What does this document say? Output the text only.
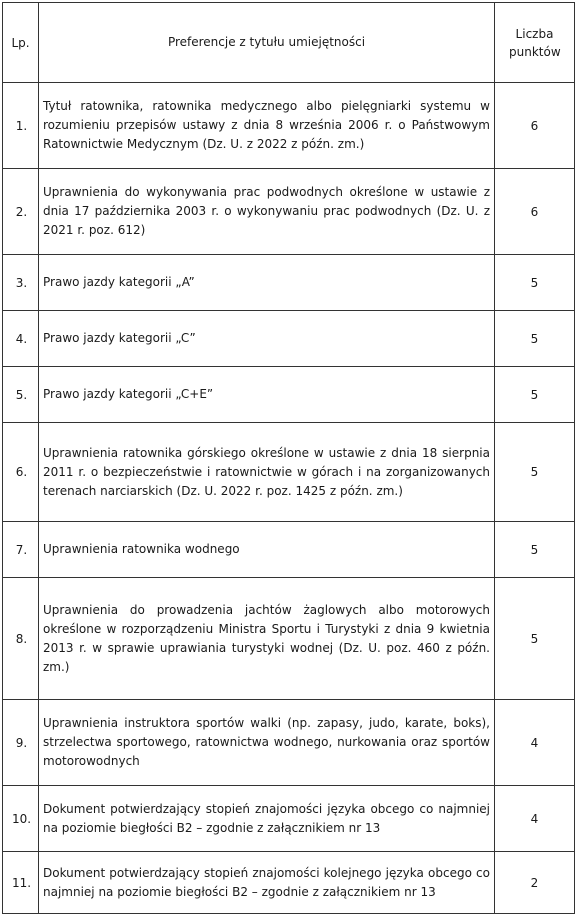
Lp.	Preferencje z tytułu umiejętności	Liczba punktów
1.	Tytuł ratownika, ratownika medycznego albo pielęgniarki systemu w rozumieniu przepisów ustawy z dnia 8 września 2006 r. o Państwowym Ratownictwie Medycznym (Dz. U. z 2022 z późn. zm.)	6
2.	Uprawnienia do wykonywania prac podwodnych określone w ustawie z dnia 17 października 2003 r. o wykonywaniu prac podwodnych (Dz. U. z 2021 r. poz. 612)	6
3.	Prawo jazdy kategorii „A”	5
4.	Prawo jazdy kategorii „C”	5
5.	Prawo jazdy kategorii „C+E”	5
6.	Uprawnienia ratownika górskiego określone w ustawie z dnia 18 sierpnia 2011 r. o bezpieczeństwie i ratownictwie w górach i na zorganizowanych terenach narciarskich (Dz. U. 2022 r. poz. 1425 z późn. zm.)	5
7.	Uprawnienia ratownika wodnego	5
8.	Uprawnienia do prowadzenia jachtów żaglowych albo motorowych określone w rozporządzeniu Ministra Sportu i Turystyki z dnia 9 kwietnia 2013 r. w sprawie uprawiania turystyki wodnej (Dz. U. poz. 460 z późn. zm.)	5
9.	Uprawnienia instruktora sportów walki (np. zapasy, judo, karate, boks), strzelectwa sportowego, ratownictwa wodnego, nurkowania oraz sportów motorowodnych	4
10.	Dokument potwierdzający stopień znajomości języka obcego co najmniej na poziomie biegłości B2 – zgodnie z załącznikiem nr 13	4
11.	Dokument potwierdzający stopień znajomości kolejnego języka obcego co najmniej na poziomie biegłości B2 – zgodnie z załącznikiem nr 13	2
